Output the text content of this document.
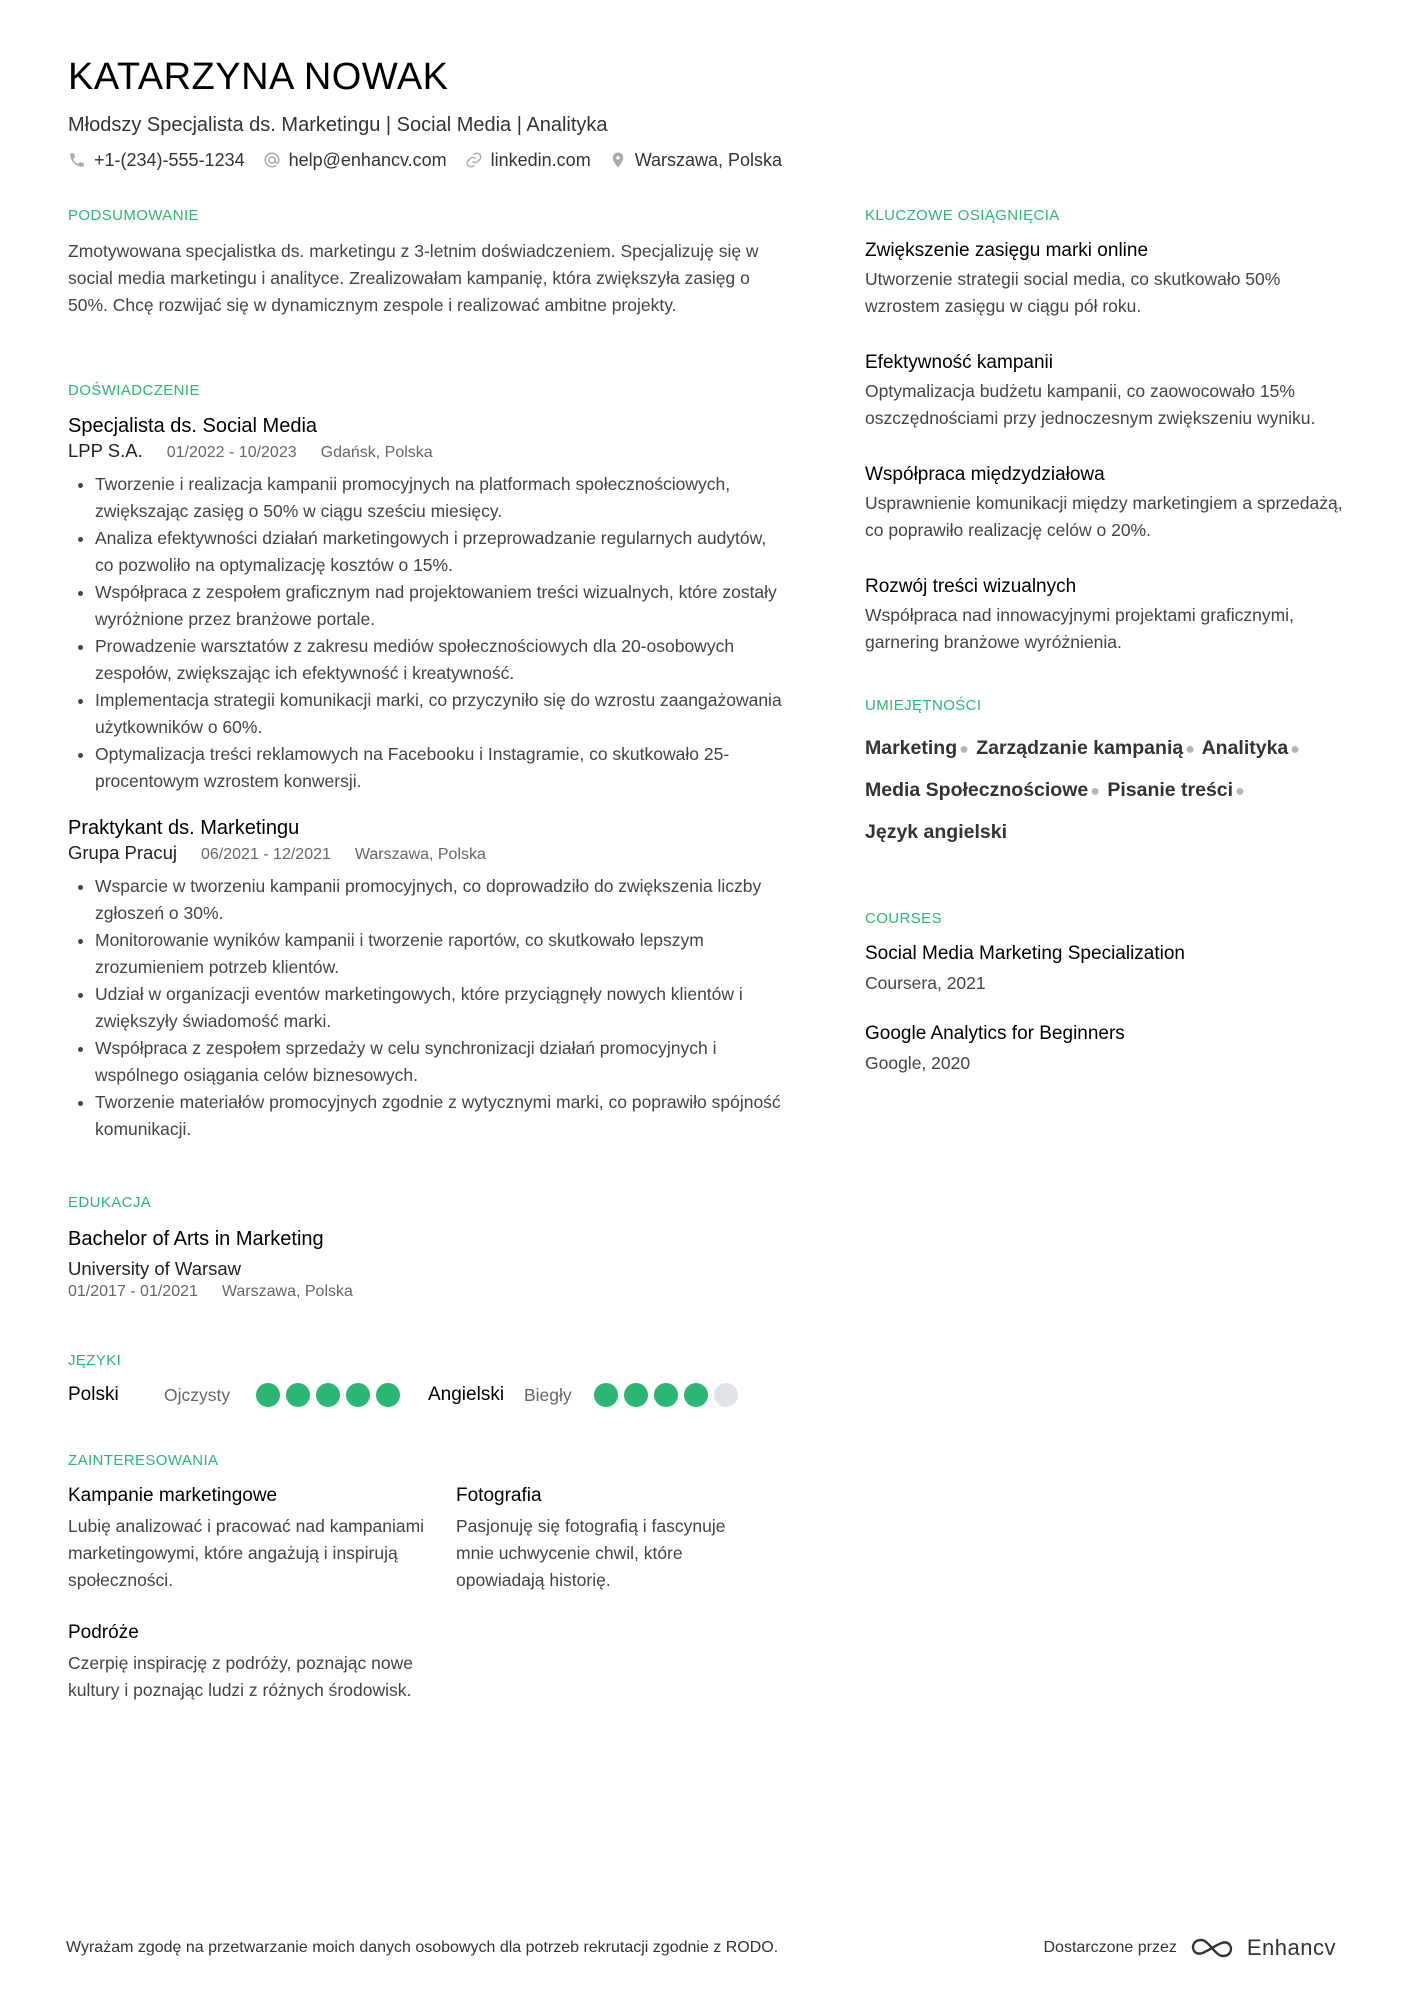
KATARZYNA NOWAK
Młodszy Specjalista ds. Marketingu | Social Media | Analityka
+1-(234)-555-1234 help@enhancv.com linkedin.com Warszawa, Polska
PODSUMOWANIE
Zmotywowana specjalistka ds. marketingu z 3-letnim doświadczeniem. Specjalizuję się w social media marketingu i analityce. Zrealizowałam kampanię, która zwiększyła zasięg o 50%. Chcę rozwijać się w dynamicznym zespole i realizować ambitne projekty.
DOŚWIADCZENIE
Specjalista ds. Social Media
LPP S.A. 01/2022 - 10/2023 Gdańsk, Polska
• Tworzenie i realizacja kampanii promocyjnych na platformach społecznościowych, zwiększając zasięg o 50% w ciągu sześciu miesięcy.
• Analiza efektywności działań marketingowych i przeprowadzanie regularnych audytów, co pozwoliło na optymalizację kosztów o 15%.
• Współpraca z zespołem graficznym nad projektowaniem treści wizualnych, które zostały wyróżnione przez branżowe portale.
• Prowadzenie warsztatów z zakresu mediów społecznościowych dla 20-osobowych zespołów, zwiększając ich efektywność i kreatywność.
• Implementacja strategii komunikacji marki, co przyczyniło się do wzrostu zaangażowania użytkowników o 60%.
• Optymalizacja treści reklamowych na Facebooku i Instagramie, co skutkowało 25-procentowym wzrostem konwersji.
Praktykant ds. Marketingu
Grupa Pracuj 06/2021 - 12/2021 Warszawa, Polska
• Wsparcie w tworzeniu kampanii promocyjnych, co doprowadziło do zwiększenia liczby zgłoszeń o 30%.
• Monitorowanie wyników kampanii i tworzenie raportów, co skutkowało lepszym zrozumieniem potrzeb klientów.
• Udział w organizacji eventów marketingowych, które przyciągnęły nowych klientów i zwiększyły świadomość marki.
• Współpraca z zespołem sprzedaży w celu synchronizacji działań promocyjnych i wspólnego osiągania celów biznesowych.
• Tworzenie materiałów promocyjnych zgodnie z wytycznymi marki, co poprawiło spójność komunikacji.
EDUKACJA
Bachelor of Arts in Marketing
University of Warsaw
01/2017 - 01/2021 Warszawa, Polska
JĘZYKI
Polski	Ojczysty	Angielski	Biegły
ZAINTERESOWANIA
Kampanie marketingowe
Lubię analizować i pracować nad kampaniami marketingowymi, które angażują i inspirują społeczności.
Fotografia
Pasjonuję się fotografią i fascynuje mnie uchwycenie chwil, które opowiadają historię.
Podróże
Czerpię inspirację z podróży, poznając nowe kultury i poznając ludzi z różnych środowisk.
KLUCZOWE OSIĄGNIĘCIA
Zwiększenie zasięgu marki online
Utworzenie strategii social media, co skutkowało 50% wzrostem zasięgu w ciągu pół roku.
Efektywność kampanii
Optymalizacja budżetu kampanii, co zaowocowało 15% oszczędnościami przy jednoczesnym zwiększeniu wyniku.
Współpraca międzydziałowa
Usprawnienie komunikacji między marketingiem a sprzedażą, co poprawiło realizację celów o 20%.
Rozwój treści wizualnych
Współpraca nad innowacyjnymi projektami graficznymi, garnering branżowe wyróżnienia.
UMIEJĘTNOŚCI
Marketing ● Zarządzanie kampanią ● Analityka ●
Media Społecznościowe ● Pisanie treści ●
Język angielski
COURSES
Social Media Marketing Specialization
Coursera, 2021
Google Analytics for Beginners
Google, 2020
Wyrażam zgodę na przetwarzanie moich danych osobowych dla potrzeb rekrutacji zgodnie z RODO.	Dostarczone przez	Enhancv
